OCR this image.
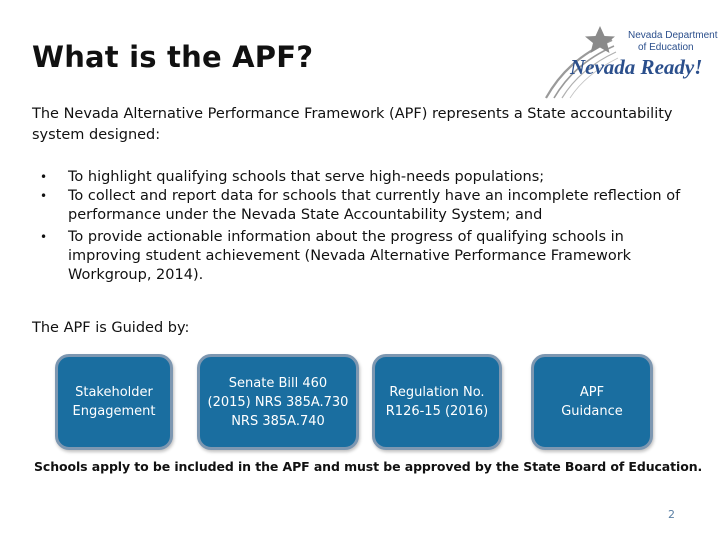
What is the APF?
Nevada Department
of Education
Nevada Ready!

The Nevada Alternative Performance Framework (APF) represents a State accountability system designed:

• To highlight qualifying schools that serve high-needs populations;
• To collect and report data for schools that currently have an incomplete reflection of performance under the Nevada State Accountability System; and
• To provide actionable information about the progress of qualifying schools in improving student achievement (Nevada Alternative Performance Framework Workgroup, 2014).

The APF is Guided by:

Stakeholder
Engagement
Senate Bill 460
(2015) NRS 385A.730
NRS 385A.740
Regulation No.
R126-15 (2016)
APF
Guidance

Schools apply to be included in the APF and must be approved by the State Board of Education.

2
